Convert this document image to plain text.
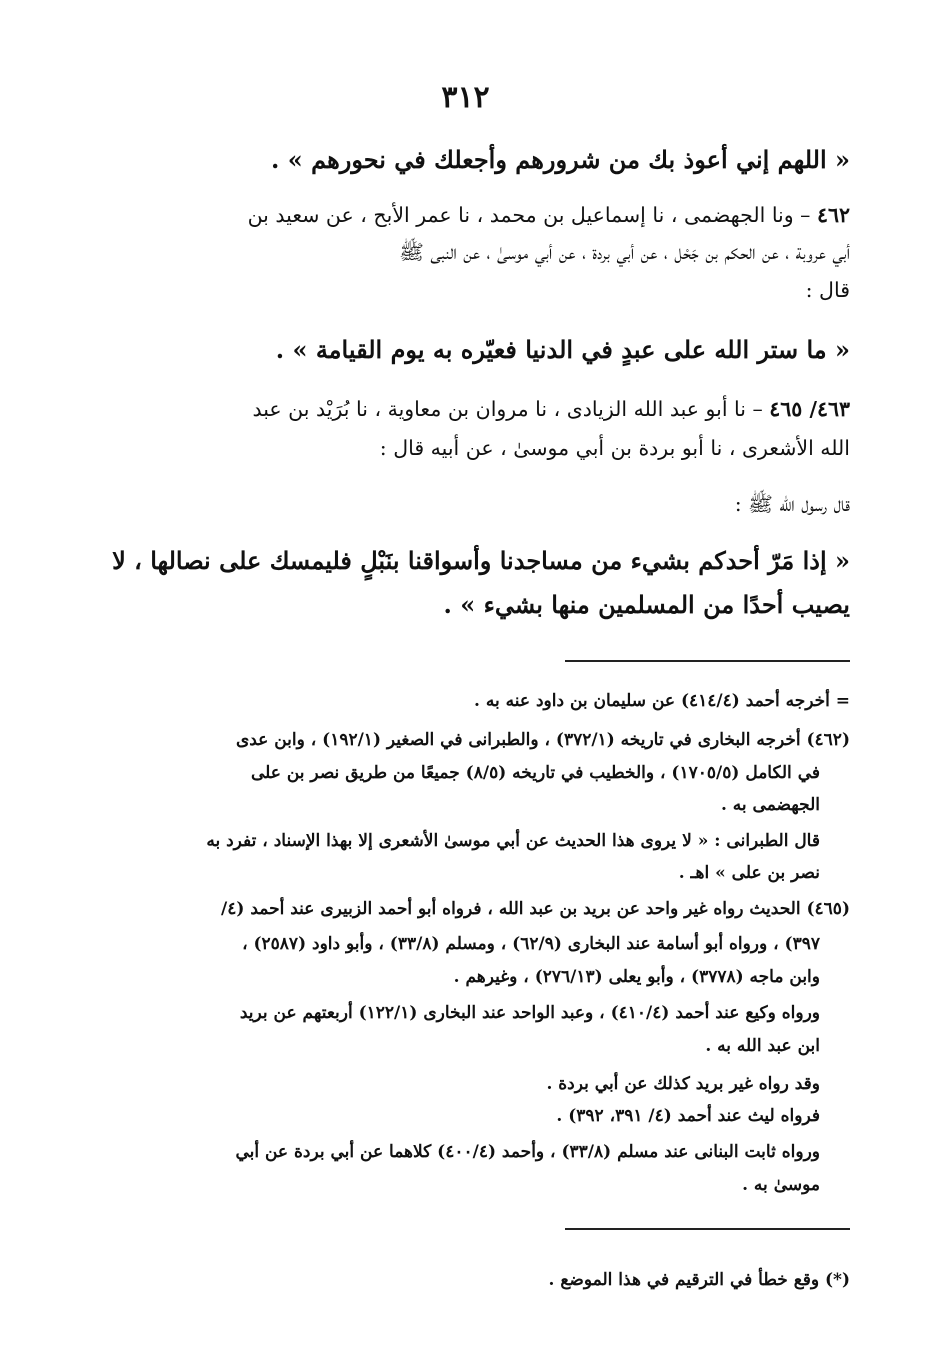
٣١٢
« اللهم إني أعوذ بك من شرورهم وأجعلك في نحورهم » .
٤٦٢ – ونا الجهضمى ، نا إسماعيل بن محمد ، نا عمر الأبح ، عن سعيد بن
أبي عروبة ، عن الحكم بن جَحْل ، عن أبي بردة ، عن أبي موسىٰ ، عن النبى ﷺ
قال :
« ما ستر الله على عبدٍ في الدنيا فعيّره به يوم القيامة » .
٤٦٣/ ٤٦٥ – نا أبو عبد الله الزيادى ، نا مروان بن معاوية ، نا بُرَيْد بن عبد
الله الأشعرى ، نا أبو بردة بن أبي موسىٰ ، عن أبيه قال :
قال رسول الله ﷺ :
« إذا مَرّ أحدكم بشيء من مساجدنا وأسواقنا بنَبْلٍ فليمسك على نصالها ، لا
يصيب أحدًا من المسلمين منها بشيء » .
= أخرجه أحمد (٤١٤/٤) عن سليمان بن داود عنه به .
(٤٦٢) أخرجه البخارى في تاريخه (٣٧٢/١) ، والطبرانى في الصغير (١٩٢/١) ، وابن عدى
في الكامل (١٧٠٥/٥) ، والخطيب في تاريخه (٨/٥) جميعًا من طريق نصر بن على
الجهضمى به .
قال الطبرانى : « لا يروى هذا الحديث عن أبي موسىٰ الأشعرى إلا بهذا الإسناد ، تفرد به
نصر بن على » اهـ .
(٤٦٥) الحديث رواه غير واحد عن بريد بن عبد الله ، فرواه أبو أحمد الزبيرى عند أحمد (٤/
٣٩٧) ، ورواه أبو أسامة عند البخارى (٦٢/٩) ، ومسلم (٣٣/٨) ، وأبو داود (٢٥٨٧) ،
وابن ماجه (٣٧٧٨) ، وأبو يعلى (٢٧٦/١٣) ، وغيرهم .
ورواه وكيع عند أحمد (٤١٠/٤) ، وعبد الواحد عند البخارى (١٢٢/١) أربعتهم عن بريد
ابن عبد الله به .
وقد رواه غير بريد كذلك عن أبي بردة .
فرواه ليث عند أحمد (٤/ ٣٩١، ٣٩٢) .
ورواه ثابت البنانى عند مسلم (٣٣/٨) ، وأحمد (٤٠٠/٤) كلاهما عن أبي بردة عن أبي
موسىٰ به .
(*) وقع خطأ في الترقيم في هذا الموضع .
